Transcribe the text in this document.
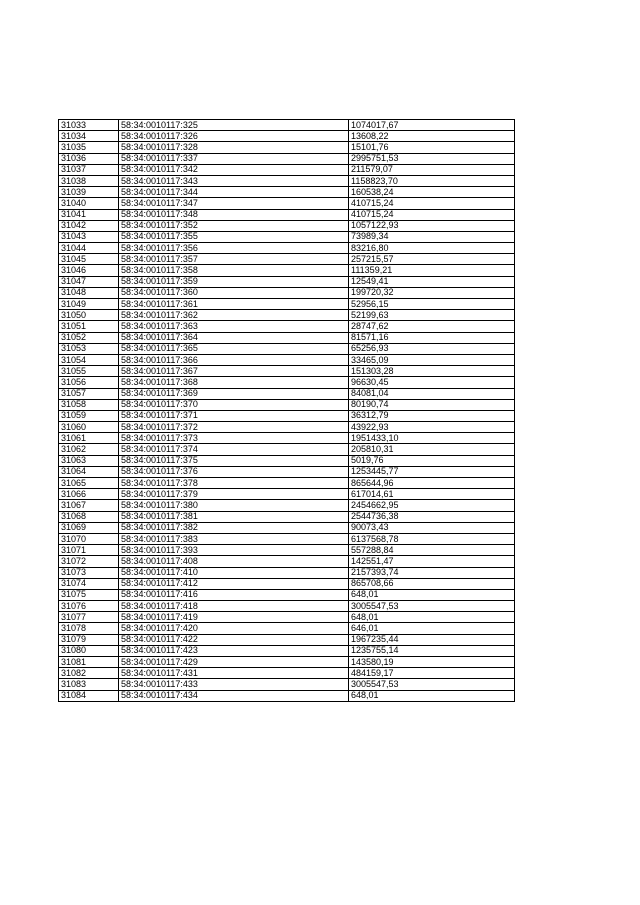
31033	58:34:0010117:325	1074017,67
31034	58:34:0010117:326	13608,22
31035	58:34:0010117:328	15101,76
31036	58:34:0010117:337	2995751,53
31037	58:34:0010117:342	211579,07
31038	58:34:0010117:343	1158823,70
31039	58:34:0010117:344	160538,24
31040	58:34:0010117:347	410715,24
31041	58:34:0010117:348	410715,24
31042	58:34:0010117:352	1057122,93
31043	58:34:0010117:355	73989,34
31044	58:34:0010117:356	83216,80
31045	58:34:0010117:357	257215,57
31046	58:34:0010117:358	111359,21
31047	58:34:0010117:359	12549,41
31048	58:34:0010117:360	199720,32
31049	58:34:0010117:361	52956,15
31050	58:34:0010117:362	52199,63
31051	58:34:0010117:363	28747,62
31052	58:34:0010117:364	81571,16
31053	58:34:0010117:365	65256,93
31054	58:34:0010117:366	33465,09
31055	58:34:0010117:367	151303,28
31056	58:34:0010117:368	96630,45
31057	58:34:0010117:369	84081,04
31058	58:34:0010117:370	80190,74
31059	58:34:0010117:371	36312,79
31060	58:34:0010117:372	43922,93
31061	58:34:0010117:373	1951433,10
31062	58:34:0010117:374	205810,31
31063	58:34:0010117:375	5019,76
31064	58:34:0010117:376	1253445,77
31065	58:34:0010117:378	865644,96
31066	58:34:0010117:379	617014,61
31067	58:34:0010117:380	2454662,95
31068	58:34:0010117:381	2544736,38
31069	58:34:0010117:382	90073,43
31070	58:34:0010117:383	6137568,78
31071	58:34:0010117:393	557288,84
31072	58:34:0010117:408	142551,47
31073	58:34:0010117:410	2157393,74
31074	58:34:0010117:412	865708,66
31075	58:34:0010117:416	648,01
31076	58:34:0010117:418	3005547,53
31077	58:34:0010117:419	648,01
31078	58:34:0010117:420	646,01
31079	58:34:0010117:422	1967235,44
31080	58:34:0010117:423	1235755,14
31081	58:34:0010117:429	143580,19
31082	58:34:0010117:431	484159,17
31083	58:34:0010117:433	3005547,53
31084	58:34:0010117:434	648,01
